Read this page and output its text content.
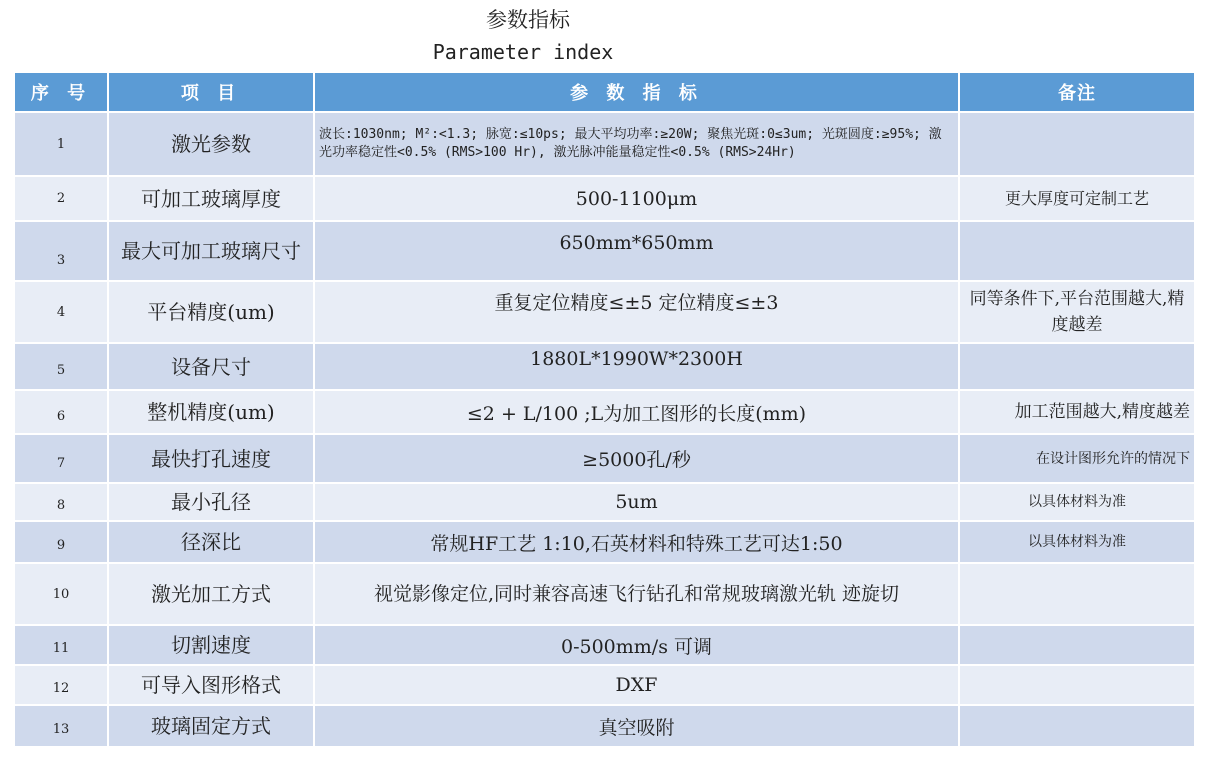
参数指标
Parameter index
序 号	项 目	参 数 指 标	备注
1	激光参数	波长:1030nm; M²:<1.3; 脉宽:≤10ps; 最大平均功率:≥20W; 聚焦光斑:0≤3um; 光斑圆度:≥95%; 激光功率稳定性<0.5% (RMS>100 Hr), 激光脉冲能量稳定性<0.5% (RMS>24Hr)	
2	可加工玻璃厚度	500-1100μm	更大厚度可定制工艺
3	最大可加工玻璃尺寸	650mm*650mm	
4	平台精度(um)	重复定位精度≤±5 定位精度≤±3	同等条件下,平台范围越大,精度越差
5	设备尺寸	1880L*1990W*2300H	
6	整机精度(um)	≤2 + L/100 ;L为加工图形的长度(mm)	加工范围越大,精度越差
7	最快打孔速度	≥5000孔/秒	在设计图形允许的情况下
8	最小孔径	5um	以具体材料为准
9	径深比	常规HF工艺 1:10,石英材料和特殊工艺可达1:50	以具体材料为准
10	激光加工方式	视觉影像定位,同时兼容高速飞行钻孔和常规玻璃激光轨 迹旋切	
11	切割速度	0-500mm/s 可调	
12	可导入图形格式	DXF	
13	玻璃固定方式	真空吸附	
